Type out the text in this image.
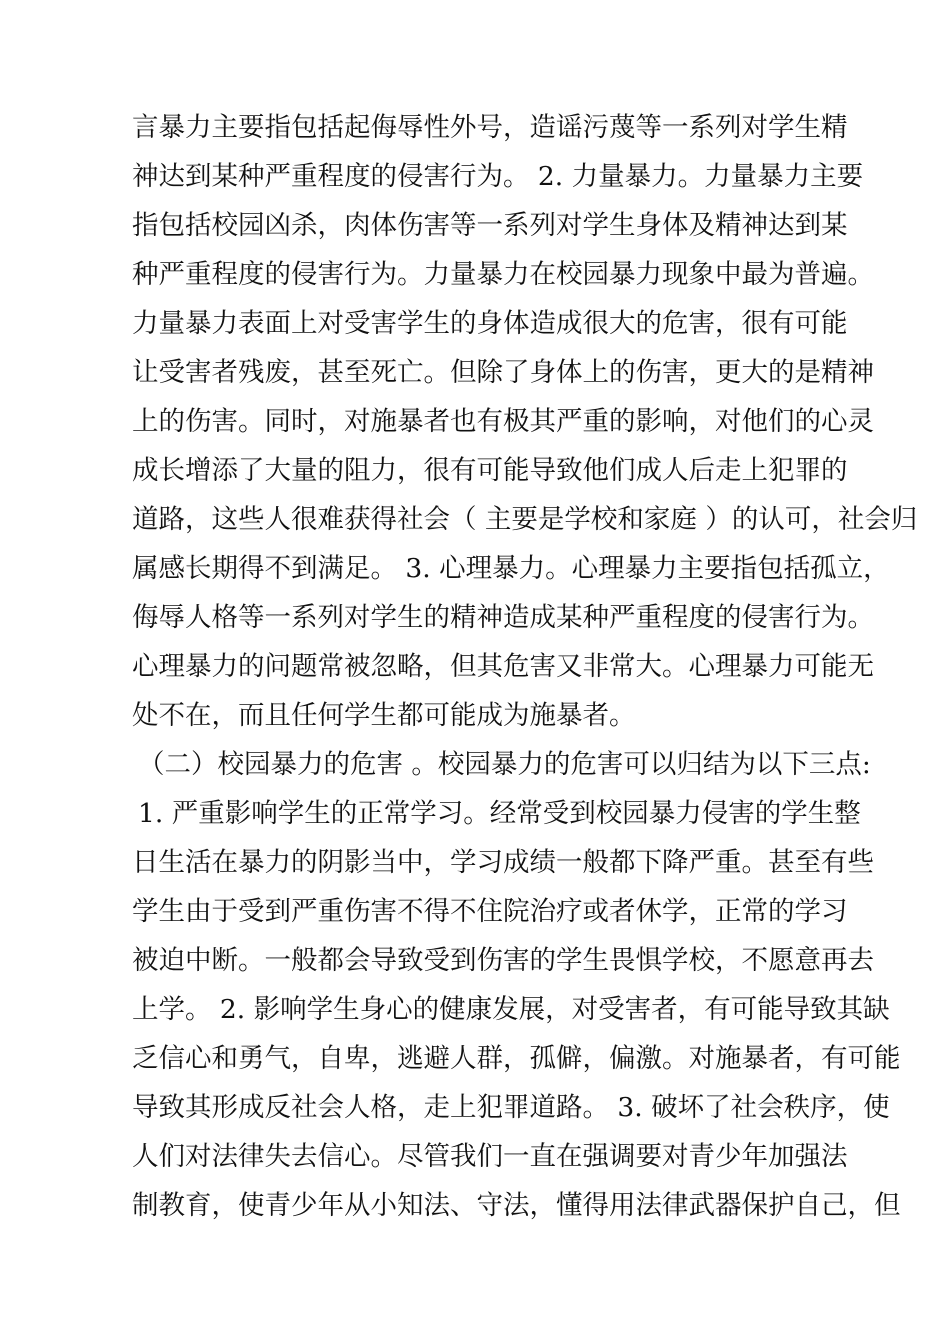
言暴力主要指包括起侮辱性外号，造谣污蔑等一系列对学生精
神达到某种严重程度的侵害行为。 2. 力量暴力。力量暴力主要
指包括校园凶杀，肉体伤害等一系列对学生身体及精神达到某
种严重程度的侵害行为。力量暴力在校园暴力现象中最为普遍。
力量暴力表面上对受害学生的身体造成很大的危害，很有可能
让受害者残废，甚至死亡。但除了身体上的伤害，更大的是精神
上的伤害。同时，对施暴者也有极其严重的影响，对他们的心灵
成长增添了大量的阻力，很有可能导致他们成人后走上犯罪的
道路，这些人很难获得社会（ 主要是学校和家庭 ）的认可，社会归
属感长期得不到满足。 3. 心理暴力。心理暴力主要指包括孤立，
侮辱人格等一系列对学生的精神造成某种严重程度的侵害行为。
心理暴力的问题常被忽略，但其危害又非常大。心理暴力可能无
处不在，而且任何学生都可能成为施暴者。
（二）校园暴力的危害 。校园暴力的危害可以归结为以下三点:
1. 严重影响学生的正常学习。经常受到校园暴力侵害的学生整
日生活在暴力的阴影当中，学习成绩一般都下降严重。甚至有些
学生由于受到严重伤害不得不住院治疗或者休学，正常的学习
被迫中断。一般都会导致受到伤害的学生畏惧学校，不愿意再去
上学。 2. 影响学生身心的健康发展，对受害者，有可能导致其缺
乏信心和勇气，自卑，逃避人群，孤僻，偏激。对施暴者，有可能
导致其形成反社会人格，走上犯罪道路。 3. 破坏了社会秩序，使
人们对法律失去信心。尽管我们一直在强调要对青少年加强法
制教育，使青少年从小知法、守法，懂得用法律武器保护自己，但
